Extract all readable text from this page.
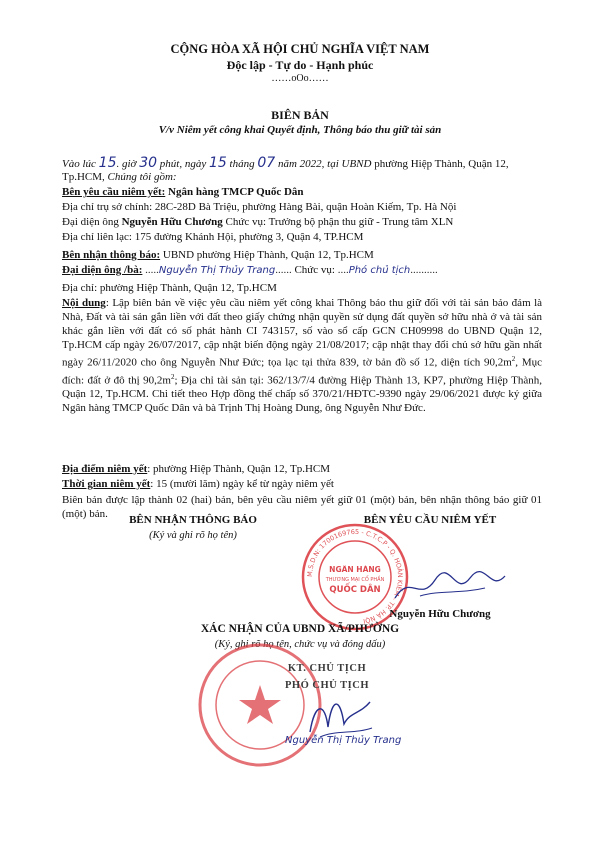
CỘNG HÒA XÃ HỘI CHỦ NGHĨA VIỆT NAM
Độc lập - Tự do - Hạnh phúc
……oOo……
BIÊN BẢN
V/v Niêm yết công khai Quyết định, Thông báo thu giữ tài sản
Vào lúc 15. giờ 30 phút, ngày 15 tháng 07 năm 2022, tại UBND phường Hiệp Thành, Quận 12,
Tp.HCM, Chúng tôi gồm:
Bên yêu cầu niêm yết: Ngân hàng TMCP Quốc Dân
Địa chỉ trụ sở chính: 28C-28D Bà Triệu, phường Hàng Bài, quận Hoàn Kiếm, Tp. Hà Nội
Đại diện ông Nguyễn Hữu Chương Chức vụ: Trưởng bộ phận thu giữ - Trung tâm XLN
Địa chỉ liên lạc: 175 đường Khánh Hội, phường 3, Quận 4, TP.HCM
Bên nhận thông báo: UBND phường Hiệp Thành, Quận 12, Tp.HCM
Đại diện ông /bà: .....Nguyễn Thị Thủy Trang...... Chức vụ: ....Phó chủ tịch..........
Địa chỉ: phường Hiệp Thành, Quận 12, Tp.HCM
Nội dung: Lập biên bản về việc yêu cầu niêm yết công khai Thông báo thu giữ đối với tài sản bảo đảm là Nhà, Đất và tài sản gắn liền với đất theo giấy chứng nhận quyền sử dụng đất quyền sở hữu nhà ở và tài sản khác gắn liền với đất có số phát hành CI 743157, số vào sổ cấp GCN CH09998 do UBND Quận 12, Tp.HCM cấp ngày 26/07/2017, cập nhật biến động ngày 21/08/2017; cập nhật thay đổi chủ sở hữu gần nhất ngày 26/11/2020 cho ông Nguyễn Như Đức; tọa lạc tại thửa 839, tờ bản đồ số 12, diện tích $90,2m^2$, Mục đích: đất ở đô thị $90,2m^2$; Địa chỉ tài sản tại: 362/13/7/4 đường Hiệp Thành 13, KP7, phường Hiệp Thành, Quận 12, Tp.HCM. Chi tiết theo Hợp đồng thế chấp số 370/21/HĐTC-9390 ngày 29/06/2021 được ký giữa Ngân hàng TMCP Quốc Dân và bà Trịnh Thị Hoàng Dung, ông Nguyễn Như Đức.
Địa điểm niêm yết: phường Hiệp Thành, Quận 12, Tp.HCM
Thời gian niêm yết: 15 (mười lăm) ngày kể từ ngày niêm yết
Biên bản được lập thành 02 (hai) bản, bên yêu cầu niêm yết giữ 01 (một) bản, bên nhận thông báo giữ 01 (một) bản.	BÊN NHẬN THÔNG BÁO
(Ký và ghi rõ họ tên)
BÊN YÊU CẦU NIÊM YẾT
M.S.D.N: 1700169765 - C.T.C.P - Q. HOÀN KIẾM - TP. HÀ NỘI
NGÂN HÀNG
THƯƠNG MẠI CỔ PHẦN
QUỐC DÂN
Nguyễn Hữu Chương
XÁC NHẬN CỦA UBND XÃ/PHƯỜNG
(Ký, ghi rõ họ tên, chức vụ và đóng dấu)
KT. CHỦ TỊCH
PHÓ CHỦ TỊCH
Nguyễn Thị Thủy Trang
